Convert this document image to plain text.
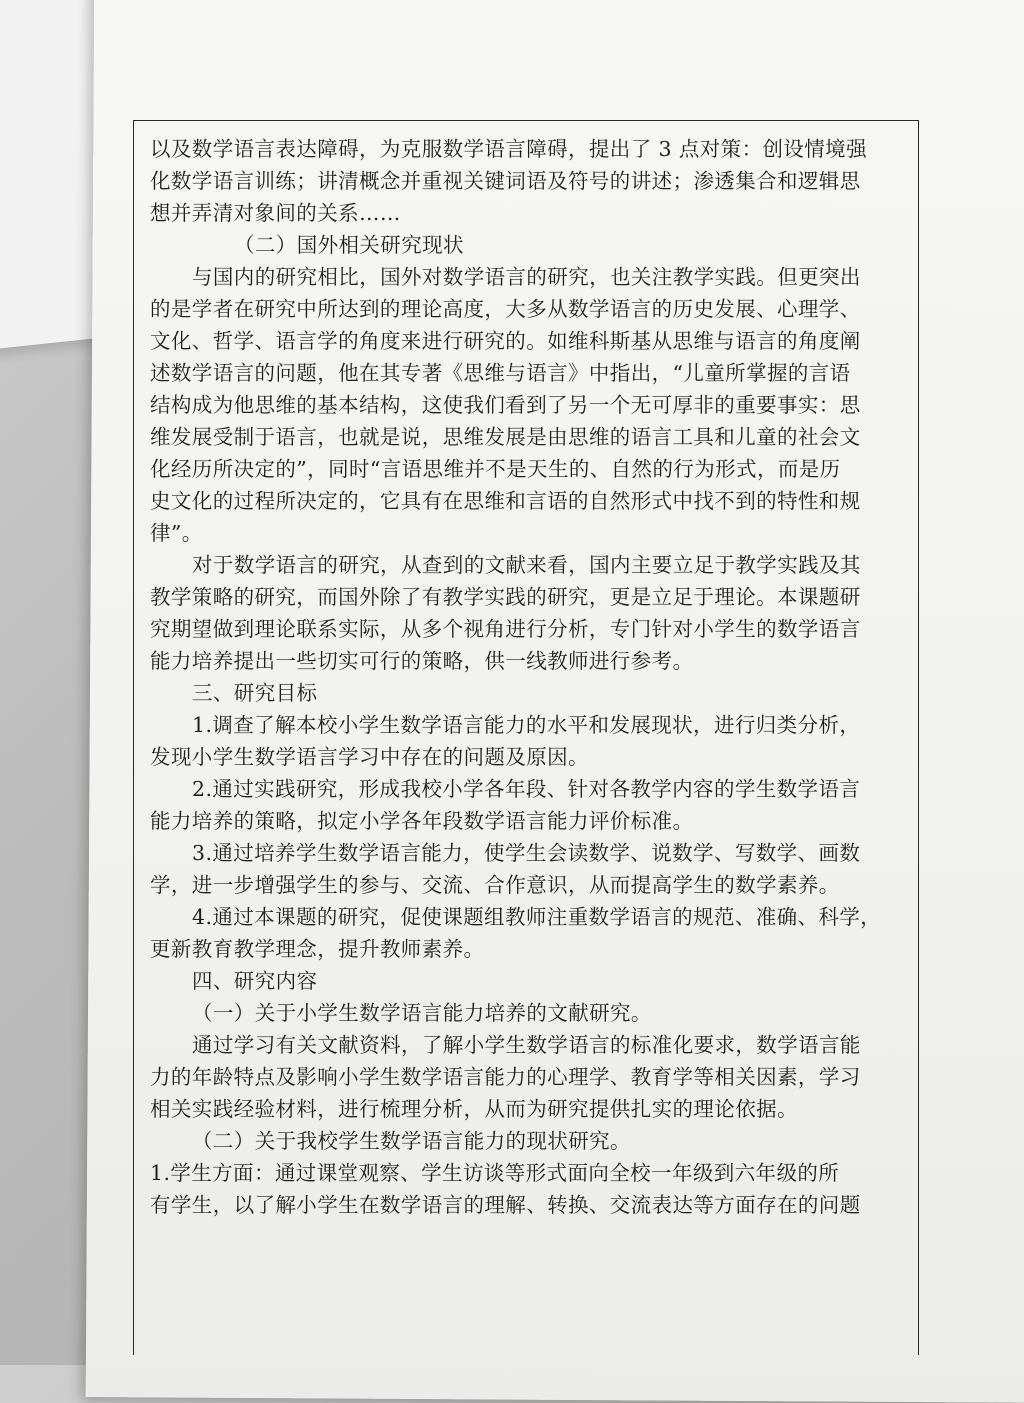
以及数学语言表达障碍，为克服数学语言障碍，提出了 3 点对策：创设情境强
化数学语言训练；讲清概念并重视关键词语及符号的讲述；渗透集合和逻辑思
想并弄清对象间的关系……
（二）国外相关研究现状
与国内的研究相比，国外对数学语言的研究，也关注教学实践。但更突出
的是学者在研究中所达到的理论高度，大多从数学语言的历史发展、心理学、
文化、哲学、语言学的角度来进行研究的。如维科斯基从思维与语言的角度阐
述数学语言的问题，他在其专著《思维与语言》中指出，“儿童所掌握的言语
结构成为他思维的基本结构，这使我们看到了另一个无可厚非的重要事实：思
维发展受制于语言，也就是说，思维发展是由思维的语言工具和儿童的社会文
化经历所决定的”，同时“言语思维并不是天生的、自然的行为形式，而是历
史文化的过程所决定的，它具有在思维和言语的自然形式中找不到的特性和规
律”。
对于数学语言的研究，从查到的文献来看，国内主要立足于教学实践及其
教学策略的研究，而国外除了有教学实践的研究，更是立足于理论。本课题研
究期望做到理论联系实际，从多个视角进行分析，专门针对小学生的数学语言
能力培养提出一些切实可行的策略，供一线教师进行参考。
三、研究目标
1.调查了解本校小学生数学语言能力的水平和发展现状，进行归类分析，
发现小学生数学语言学习中存在的问题及原因。
2.通过实践研究，形成我校小学各年段、针对各教学内容的学生数学语言
能力培养的策略，拟定小学各年段数学语言能力评价标准。
3.通过培养学生数学语言能力，使学生会读数学、说数学、写数学、画数
学，进一步增强学生的参与、交流、合作意识，从而提高学生的数学素养。
4.通过本课题的研究，促使课题组教师注重数学语言的规范、准确、科学，
更新教育教学理念，提升教师素养。
四、研究内容
（一）关于小学生数学语言能力培养的文献研究。
通过学习有关文献资料，了解小学生数学语言的标准化要求，数学语言能
力的年龄特点及影响小学生数学语言能力的心理学、教育学等相关因素，学习
相关实践经验材料，进行梳理分析，从而为研究提供扎实的理论依据。
（二）关于我校学生数学语言能力的现状研究。
1.学生方面：通过课堂观察、学生访谈等形式面向全校一年级到六年级的所
有学生，以了解小学生在数学语言的理解、转换、交流表达等方面存在的问题
